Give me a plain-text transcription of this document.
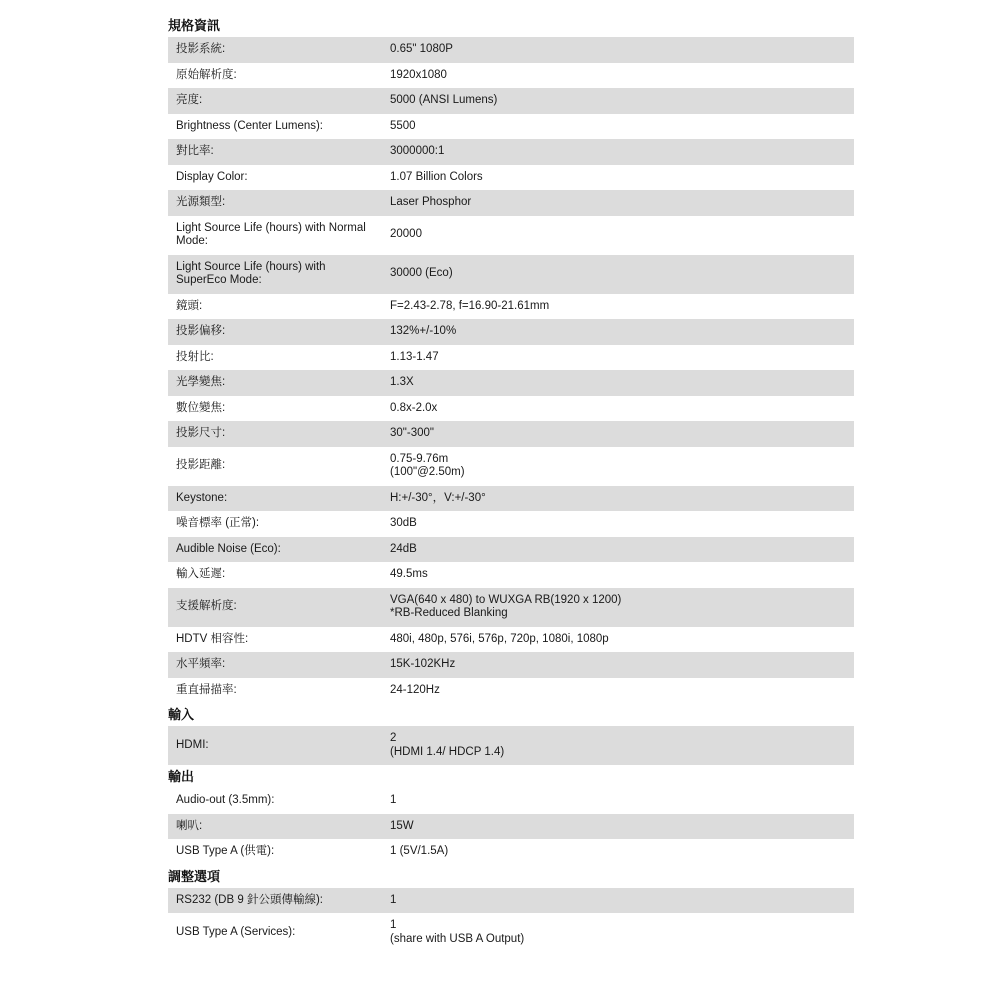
規格資訊
投影系統:	0.65" 1080P

原始解析度:	1920x1080

亮度:	5000 (ANSI Lumens)

Brightness (Center Lumens):	5500

對比率:	3000000:1

Display Color:	1.07 Billion Colors

光源類型:	Laser Phosphor

Light Source Life (hours) with Normal Mode:	20000

Light Source Life (hours) with SuperEco Mode:	30000 (Eco)

鏡頭:	F=2.43-2.78, f=16.90-21.61mm

投影偏移:	132%+/-10%

投射比:	1.13-1.47

光學變焦:	1.3X

數位變焦:	0.8x-2.0x

投影尺寸:	30"-300"

投影距離:	0.75-9.76m
(100"@2.50m)

Keystone:	H:+/-30°，V:+/-30°

噪音標率 (正常):	30dB

Audible Noise (Eco):	24dB

輸入延遲:	49.5ms

支援解析度:	VGA(640 x 480) to WUXGA RB(1920 x 1200)
*RB-Reduced Blanking

HDTV 相容性:	480i, 480p, 576i, 576p, 720p, 1080i, 1080p

水平頻率:	15K-102KHz

重直掃描率:	24-120Hz
輸入
HDMI:	
2
(HDMI 1.4/ HDCP 1.4)
輸出
Audio-out (3.5mm):	1

喇叭:	15W

USB Type A (供電):	1 (5V/1.5A)
調整選項
RS232 (DB 9 針公頭傳輸線):	1

USB Type A (Services):	1
(share with USB A Output)
